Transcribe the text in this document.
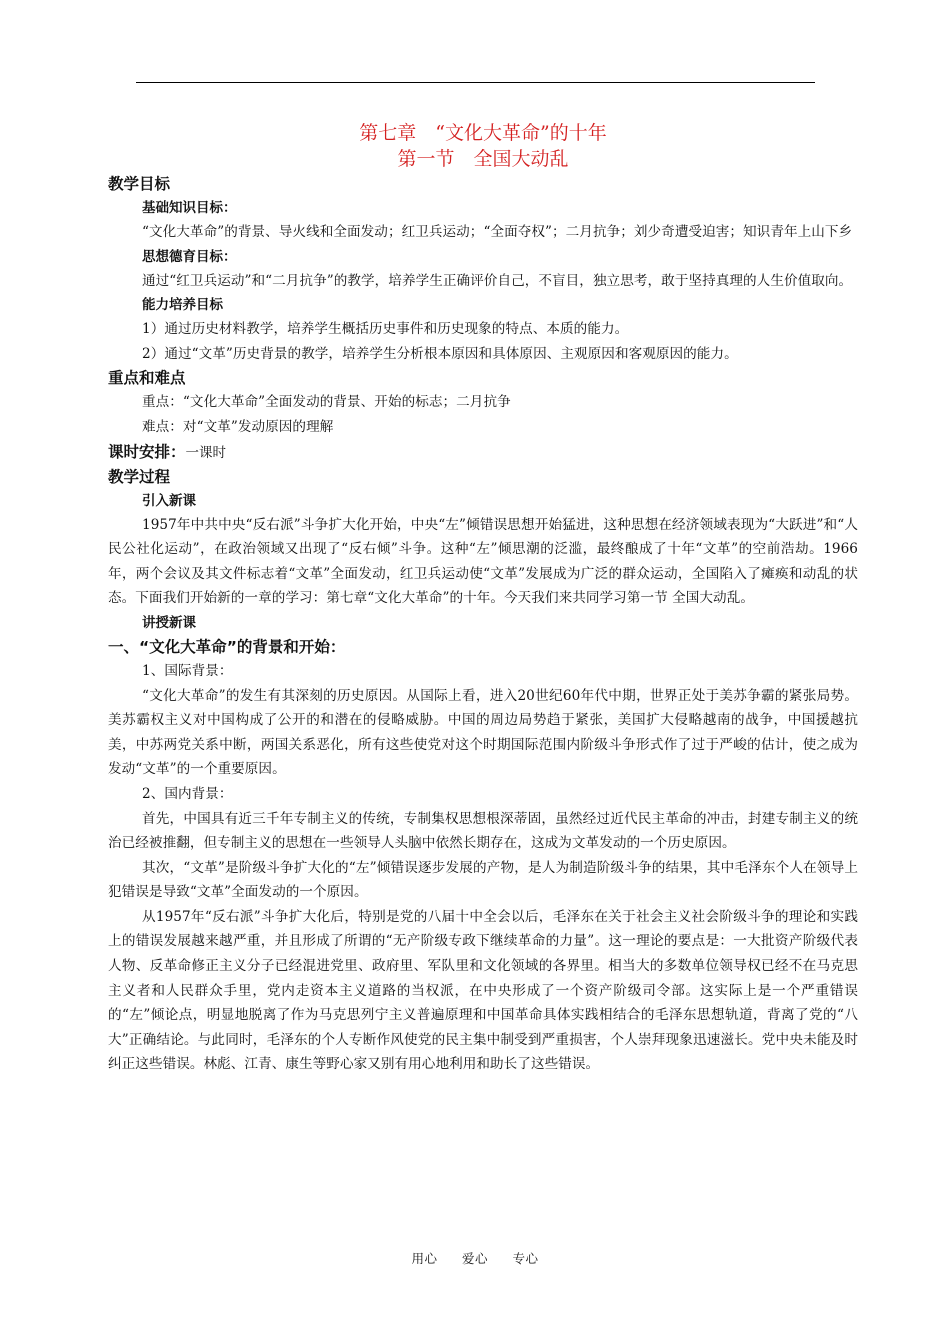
第七章　“文化大革命”的十年

第一节　全国大动乱

教学目标

基础知识目标：

“文化大革命”的背景、导火线和全面发动；红卫兵运动；“全面夺权”；二月抗争；刘少奇遭受迫害；知识青年上山下乡

思想德育目标：

通过“红卫兵运动”和“二月抗争”的教学，培养学生正确评价自己，不盲目，独立思考，敢于坚持真理的人生价值取向。

能力培养目标

1）通过历史材料教学，培养学生概括历史事件和历史现象的特点、本质的能力。

2）通过“文革”历史背景的教学，培养学生分析根本原因和具体原因、主观原因和客观原因的能力。

重点和难点

重点：“文化大革命”全面发动的背景、开始的标志；二月抗争

难点：对“文革”发动原因的理解

课时安排：一课时

教学过程

引入新课

1957年中共中央“反右派”斗争扩大化开始，中央“左”倾错误思想开始猛进，这种思想在经济领域表现为“大跃进”和“人民公社化运动”，在政治领域又出现了“反右倾”斗争。这种“左”倾思潮的泛滥，最终酿成了十年“文革”的空前浩劫。1966年，两个会议及其文件标志着“文革”全面发动，红卫兵运动使“文革”发展成为广泛的群众运动，全国陷入了瘫痪和动乱的状态。下面我们开始新的一章的学习：第七章“文化大革命”的十年。今天我们来共同学习第一节 全国大动乱。

讲授新课

一、“文化大革命”的背景和开始：

1、国际背景：

“文化大革命”的发生有其深刻的历史原因。从国际上看，进入20世纪60年代中期，世界正处于美苏争霸的紧张局势。美苏霸权主义对中国构成了公开的和潜在的侵略威胁。中国的周边局势趋于紧张，美国扩大侵略越南的战争，中国援越抗美，中苏两党关系中断，两国关系恶化，所有这些使党对这个时期国际范围内阶级斗争形式作了过于严峻的估计，使之成为发动“文革”的一个重要原因。

2、国内背景：

首先，中国具有近三千年专制主义的传统，专制集权思想根深蒂固，虽然经过近代民主革命的冲击，封建专制主义的统治已经被推翻，但专制主义的思想在一些领导人头脑中依然长期存在，这成为文革发动的一个历史原因。

其次，“文革”是阶级斗争扩大化的“左”倾错误逐步发展的产物，是人为制造阶级斗争的结果，其中毛泽东个人在领导上犯错误是导致“文革”全面发动的一个原因。

从1957年“反右派”斗争扩大化后，特别是党的八届十中全会以后，毛泽东在关于社会主义社会阶级斗争的理论和实践上的错误发展越来越严重，并且形成了所谓的“无产阶级专政下继续革命的力量”。这一理论的要点是：一大批资产阶级代表人物、反革命修正主义分子已经混进党里、政府里、军队里和文化领域的各界里。相当大的多数单位领导权已经不在马克思主义者和人民群众手里，党内走资本主义道路的当权派，在中央形成了一个资产阶级司令部。这实际上是一个严重错误的“左”倾论点，明显地脱离了作为马克思列宁主义普遍原理和中国革命具体实践相结合的毛泽东思想轨道，背离了党的“八大”正确结论。与此同时，毛泽东的个人专断作风使党的民主集中制受到严重损害，个人崇拜现象迅速滋长。党中央未能及时纠正这些错误。林彪、江青、康生等野心家又别有用心地利用和助长了这些错误。

用心 爱心 专心
